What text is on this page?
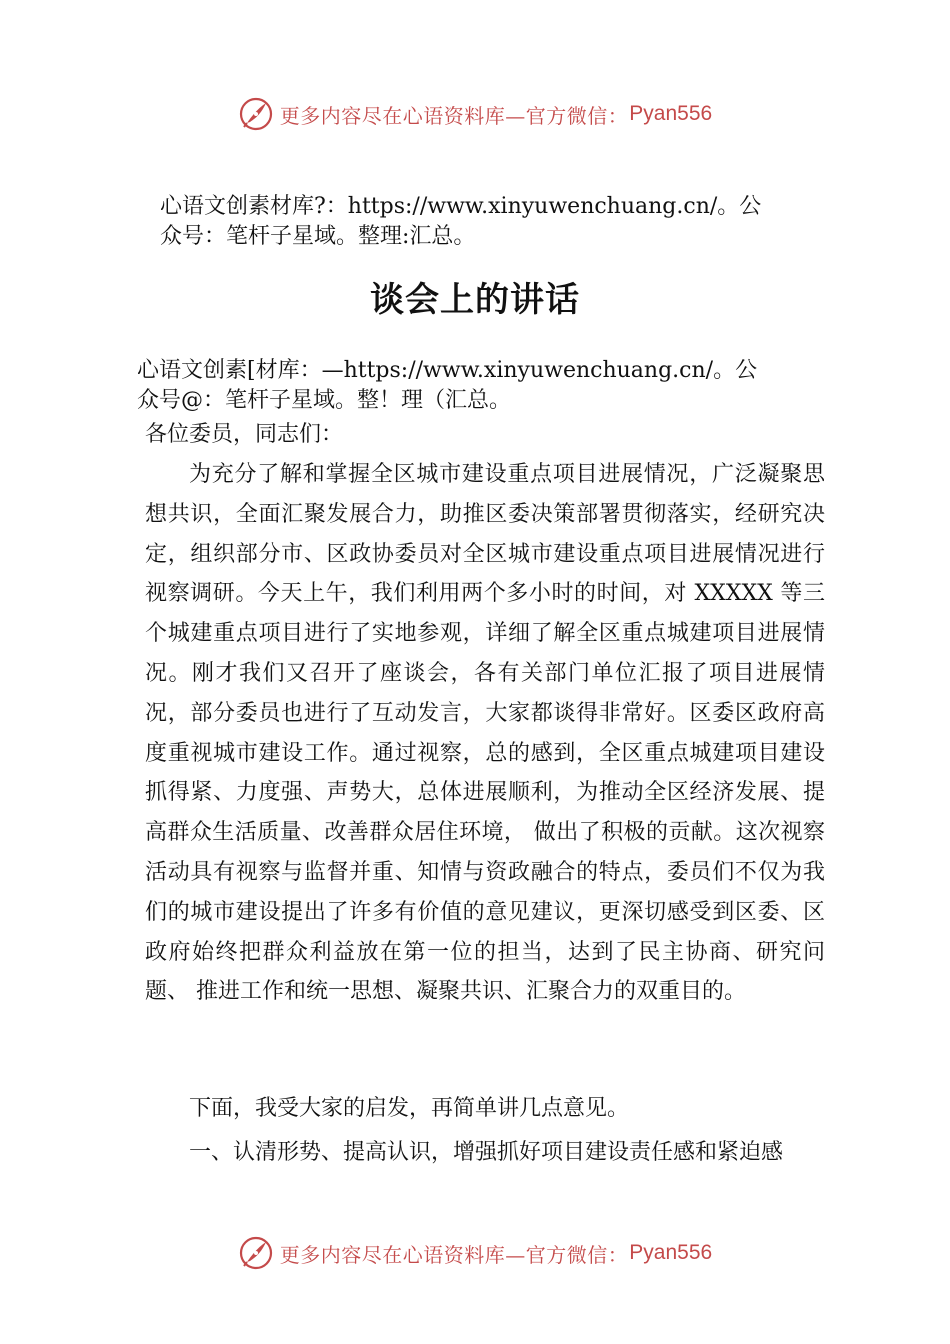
更多内容尽在心语资料库—官方微信： Pyan556

心语文创素材库?：https://www.xinyuwenchuang.cn/。公

众号：笔杆子星域。整理:汇总。

谈会上的讲话

心语文创素[材库：—https://www.xinyuwenchuang.cn/。公

众号@：笔杆子星域。整！理（汇总。

各位委员，同志们：

为充分了解和掌握全区城市建设重点项目进展情况，广泛凝聚思想共识，全面汇聚发展合力，助推区委决策部署贯彻落实，经研究决定，组织部分市、区政协委员对全区城市建设重点项目进展情况进行视察调研。今天上午，我们利用两个多小时的时间，对 XXXXX 等三个城建重点项目进行了实地参观，详细了解全区重点城建项目进展情况。刚才我们又召开了座谈会，各有关部门单位汇报了项目进展情况，部分委员也进行了互动发言，大家都谈得非常好。区委区政府高度重视城市建设工作。通过视察，总的感到，全区重点城建项目建设抓得紧、力度强、声势大，总体进展顺利，为推动全区经济发展、提高群众生活质量、改善群众居住环境， 做出了积极的贡献。这次视察活动具有视察与监督并重、知情与资政融合的特点，委员们不仅为我们的城市建设提出了许多有价值的意见建议，更深切感受到区委、区政府始终把群众利益放在第一位的担当，达到了民主协商、研究问题、 推进工作和统一思想、凝聚共识、汇聚合力的双重目的。

下面，我受大家的启发，再简单讲几点意见。

一、认清形势、提高认识，增强抓好项目建设责任感和紧迫感

更多内容尽在心语资料库—官方微信： Pyan556
